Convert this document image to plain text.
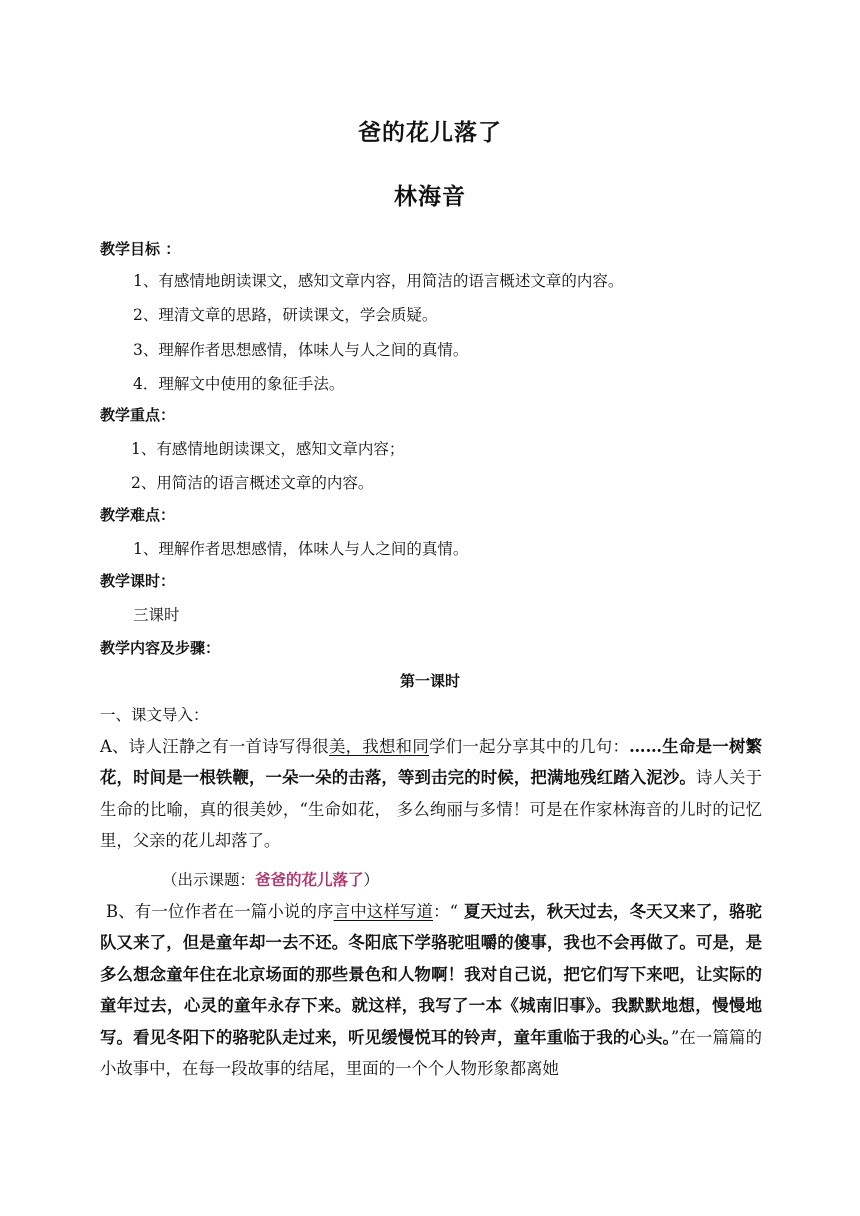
爸的花儿落了
林海音
教学目标 ：
1、有感情地朗读课文，感知文章内容，用简洁的语言概述文章的内容。
2、理清文章的思路，研读课文，学会质疑。
3、理解作者思想感情，体味人与人之间的真情。
4．理解文中使用的象征手法。
教学重点：
1、有感情地朗读课文，感知文章内容；
2、用简洁的语言概述文章的内容。
教学难点：
1、理解作者思想感情，体味人与人之间的真情。
教学课时：
三课时
教学内容及步骤：
第一课时
一、课文导入：
A、诗人汪静之有一首诗写得很美，我想和同学们一起分享其中的几句：……生命是一树繁花，时间是一根铁鞭，一朵一朵的击落，等到击完的时候，把满地残红踏入泥沙。诗人关于生命的比喻，真的很美妙，“生命如花， 多么绚丽与多情！可是在作家林海音的儿时的记忆里，父亲的花儿却落了。
（出示课题：爸爸的花儿落了）
B、有一位作者在一篇小说的序言中这样写道：“ 夏天过去，秋天过去，冬天又来了，骆驼队又来了，但是童年却一去不还。冬阳底下学骆驼咀嚼的傻事，我也不会再做了。可是，是多么想念童年住在北京场面的那些景色和人物啊！我对自己说，把它们写下来吧，让实际的童年过去，心灵的童年永存下来。就这样，我写了一本《城南旧事》。我默默地想，慢慢地写。看见冬阳下的骆驼队走过来，听见缓慢悦耳的铃声，童年重临于我的心头。”在一篇篇的小故事中，在每一段故事的结尾，里面的一个个人物形象都离她
